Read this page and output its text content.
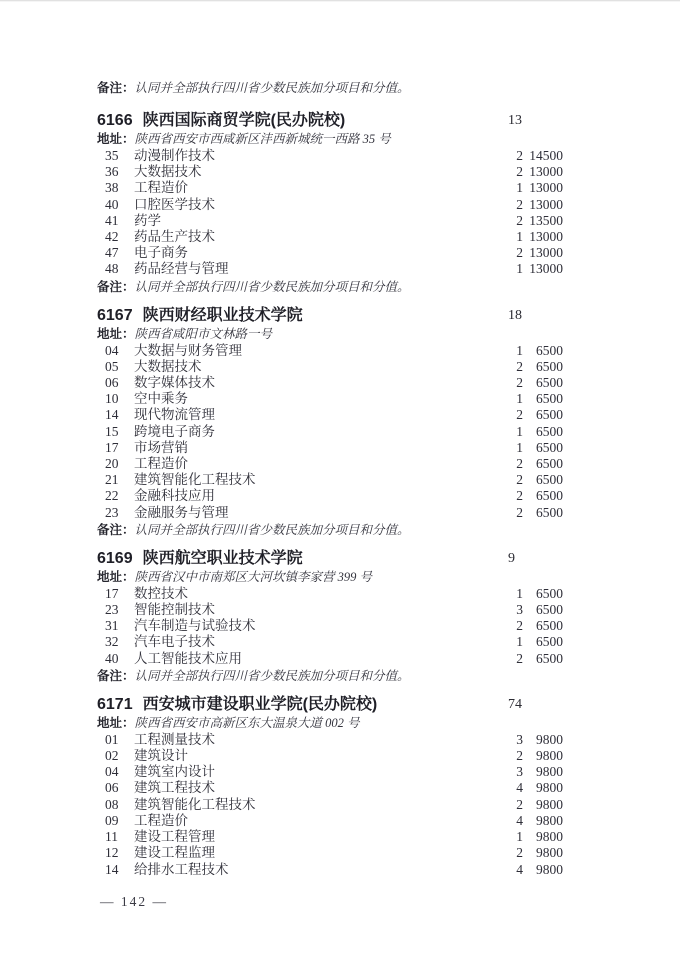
备注：认同并全部执行四川省少数民族加分项目和分值。
6166 陕西国际商贸学院(民办院校)	13
地址：陕西省西安市西咸新区沣西新城统一西路 35 号
35	动漫制作技术	2 14500
36	大数据技术	2 13000
38	工程造价	1 13000
40	口腔医学技术	2 13000
41	药学	2 13500
42	药品生产技术	1 13000
47	电子商务	2 13000
48	药品经营与管理	1 13000
备注：认同并全部执行四川省少数民族加分项目和分值。
6167 陕西财经职业技术学院	18
地址：陕西省咸阳市文林路一号
04	大数据与财务管理	1 6500
05	大数据技术	2 6500
06	数字媒体技术	2 6500
10	空中乘务	1 6500
14	现代物流管理	2 6500
15	跨境电子商务	1 6500
17	市场营销	1 6500
20	工程造价	2 6500
21	建筑智能化工程技术	2 6500
22	金融科技应用	2 6500
23	金融服务与管理	2 6500
备注：认同并全部执行四川省少数民族加分项目和分值。
6169 陕西航空职业技术学院	9
地址：陕西省汉中市南郑区大河坎镇李家营 399 号
17	数控技术	1 6500
23	智能控制技术	3 6500
31	汽车制造与试验技术	2 6500
32	汽车电子技术	1 6500
40	人工智能技术应用	2 6500
备注：认同并全部执行四川省少数民族加分项目和分值。
6171 西安城市建设职业学院(民办院校)	74
地址：陕西省西安市高新区东大温泉大道 002 号
01	工程测量技术	3 9800
02	建筑设计	2 9800
04	建筑室内设计	3 9800
06	建筑工程技术	4 9800
08	建筑智能化工程技术	2 9800
09	工程造价	4 9800
11	建设工程管理	1 9800
12	建设工程监理	2 9800
14	给排水工程技术	4 9800
— 142 —
